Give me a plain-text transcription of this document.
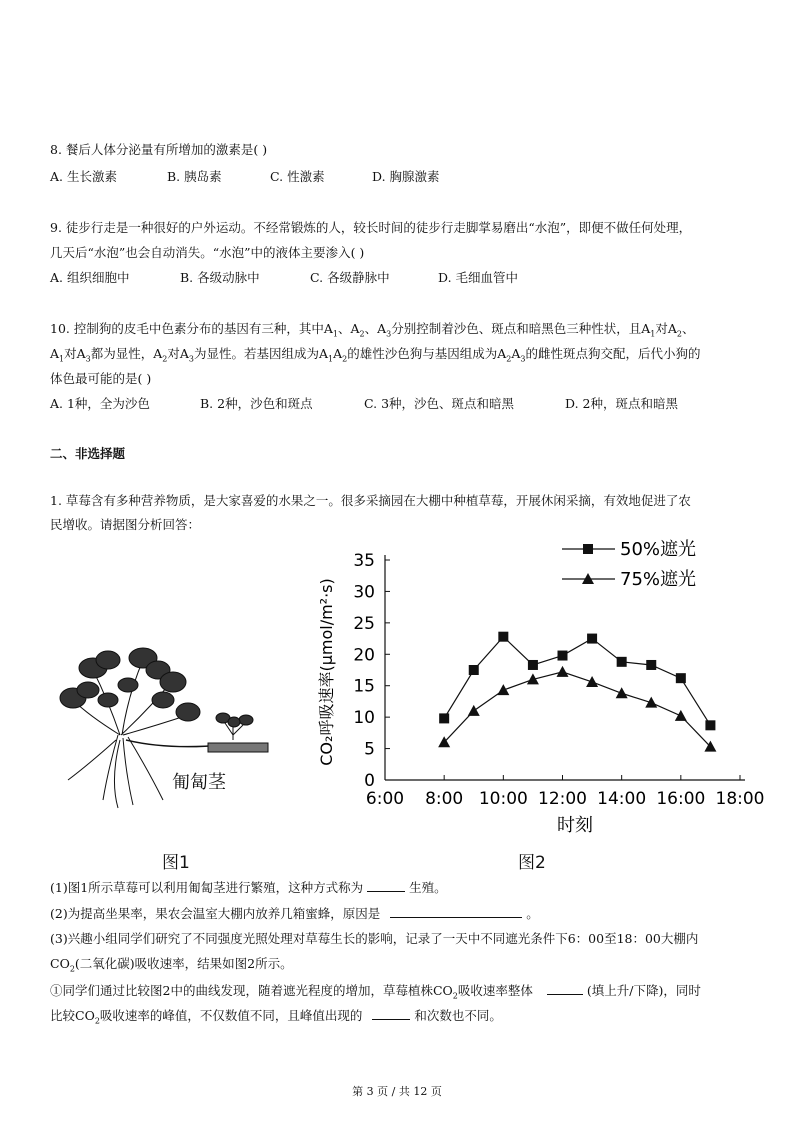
8. 餐后人体分泌量有所增加的激素是( )
A. 生长激素	B. 胰岛素	C. 性激素	D. 胸腺激素
9. 徒步行走是一种很好的户外运动。不经常锻炼的人，较长时间的徒步行走脚掌易磨出“水泡”，即便不做任何处理，
几天后“水泡”也会自动消失。“水泡”中的液体主要渗入( )
A. 组织细胞中	B. 各级动脉中	C. 各级静脉中	D. 毛细血管中
10. 控制狗的皮毛中色素分布的基因有三种，其中$A_1$、$A_2$、$A_3$分别控制着沙色、斑点和暗黑色三种性状，且$A_1$对$A_2$、
$A_1$对$A_3$都为显性，$A_2$对$A_3$为显性。若基因组成为$A_1A_2$的雄性沙色狗与基因组成为$A_2A_3$的雌性斑点狗交配，后代小狗的
体色最可能的是( )
A. 1种，全为沙色	B. 2种，沙色和斑点	C. 3种，沙色、斑点和暗黑	D. 2种，斑点和暗黑
二、非选择题
1. 草莓含有多种营养物质，是大家喜爱的水果之一。很多采摘园在大棚中种植草莓，开展休闲采摘，有效地促进了农
民增收。请据图分析回答：
匍匐茎
图1
0
5
10
15
20
25
30
35
6:00 8:00 10:00 12:00 14:00 16:00 18:00
50%遮光
75%遮光
时刻
CO₂呼吸速率(μmol/m²·s)
图2
(1)图1所示草莓可以利用匍匐茎进行繁殖，这种方式称为	生殖。
(2)为提高坐果率，果农会温室大棚内放养几箱蜜蜂，原因是	。
(3)兴趣小组同学们研究了不同强度光照处理对草莓生长的影响，记录了一天中不同遮光条件下6：00至18：00大棚内
$CO_2$(二氧化碳)吸收速率，结果如图2所示。
①同学们通过比较图2中的曲线发现，随着遮光程度的增加，草莓植株$CO_2$吸收速率整体	(填上升/下降)，同时
比较$CO_2$吸收速率的峰值，不仅数值不同，且峰值出现的	和次数也不同。
第 3 页 / 共 12 页
